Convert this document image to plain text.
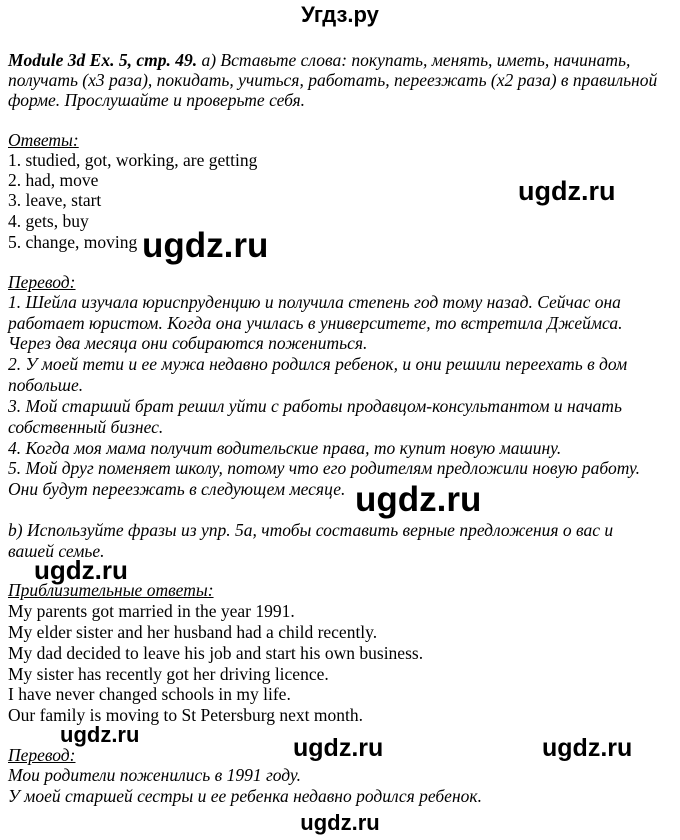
Угдз.ру
Module 3d Ex. 5, стр. 49. а) Вставьте слова: покупать, менять, иметь, начинать,
получать (x3 раза), покидать, учиться, работать, переезжать (x2 раза) в правильной
форме. Прослушайте и проверьте себя.
Ответы:
1. studied, got, working, are getting
2. had, move
3. leave, start
4. gets, buy
5. change, moving
Перевод:
1. Шейла изучала юриспруденцию и получила степень год тому назад. Сейчас она
работает юристом. Когда она училась в университете, то встретила Джеймса.
Через два месяца они собираются пожениться.
2. У моей тети и ее мужа недавно родился ребенок, и они решили переехать в дом
побольше.
3. Мой старший брат решил уйти с работы продавцом-консультантом и начать
собственный бизнес.
4. Когда моя мама получит водительские права, то купит новую машину.
5. Мой друг поменяет школу, потому что его родителям предложили новую работу.
Они будут переезжать в следующем месяце.
b) Используйте фразы из упр. 5а, чтобы составить верные предложения о вас и
вашей семье.
Приблизительные ответы:
My parents got married in the year 1991.
My elder sister and her husband had a child recently.
My dad decided to leave his job and start his own business.
My sister has recently got her driving licence.
I have never changed schools in my life.
Our family is moving to St Petersburg next month.
Перевод:
Мои родители поженились в 1991 году.
У моей старшей сестры и ее ребенка недавно родился ребенок.
ugdz.ru
ugdz.ru
ugdz.ru
ugdz.ru
ugdz.ru	ugdz.ru	ugdz.ru
ugdz.ru
